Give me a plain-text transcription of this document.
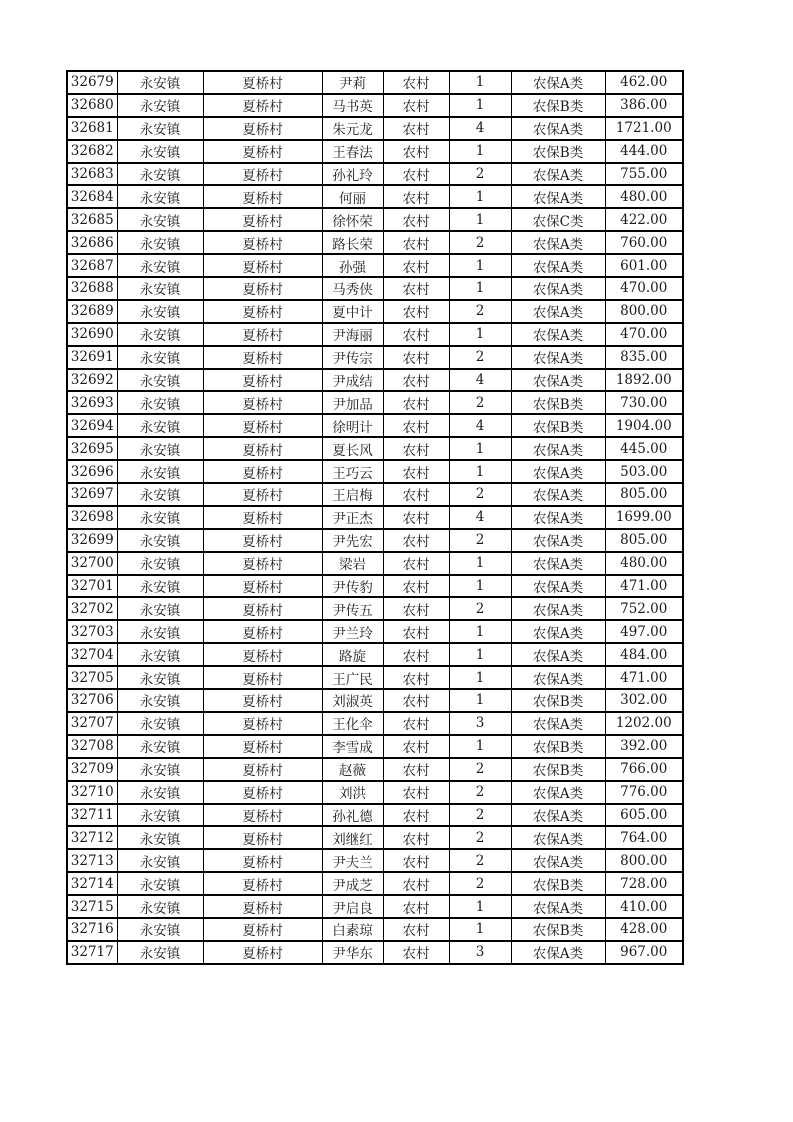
32679	永安镇	夏桥村	尹莉	农村	1	农保A类	462.00
32680	永安镇	夏桥村	马书英	农村	1	农保B类	386.00
32681	永安镇	夏桥村	朱元龙	农村	4	农保A类	1721.00
32682	永安镇	夏桥村	王春法	农村	1	农保B类	444.00
32683	永安镇	夏桥村	孙礼玲	农村	2	农保A类	755.00
32684	永安镇	夏桥村	何丽	农村	1	农保A类	480.00
32685	永安镇	夏桥村	徐怀荣	农村	1	农保C类	422.00
32686	永安镇	夏桥村	路长荣	农村	2	农保A类	760.00
32687	永安镇	夏桥村	孙强	农村	1	农保A类	601.00
32688	永安镇	夏桥村	马秀侠	农村	1	农保A类	470.00
32689	永安镇	夏桥村	夏中计	农村	2	农保A类	800.00
32690	永安镇	夏桥村	尹海丽	农村	1	农保A类	470.00
32691	永安镇	夏桥村	尹传宗	农村	2	农保A类	835.00
32692	永安镇	夏桥村	尹成结	农村	4	农保A类	1892.00
32693	永安镇	夏桥村	尹加品	农村	2	农保B类	730.00
32694	永安镇	夏桥村	徐明计	农村	4	农保B类	1904.00
32695	永安镇	夏桥村	夏长风	农村	1	农保A类	445.00
32696	永安镇	夏桥村	王巧云	农村	1	农保A类	503.00
32697	永安镇	夏桥村	王启梅	农村	2	农保A类	805.00
32698	永安镇	夏桥村	尹正杰	农村	4	农保A类	1699.00
32699	永安镇	夏桥村	尹先宏	农村	2	农保A类	805.00
32700	永安镇	夏桥村	梁岩	农村	1	农保A类	480.00
32701	永安镇	夏桥村	尹传豹	农村	1	农保A类	471.00
32702	永安镇	夏桥村	尹传五	农村	2	农保A类	752.00
32703	永安镇	夏桥村	尹兰玲	农村	1	农保A类	497.00
32704	永安镇	夏桥村	路旋	农村	1	农保A类	484.00
32705	永安镇	夏桥村	王广民	农村	1	农保A类	471.00
32706	永安镇	夏桥村	刘淑英	农村	1	农保B类	302.00
32707	永安镇	夏桥村	王化伞	农村	3	农保A类	1202.00
32708	永安镇	夏桥村	李雪成	农村	1	农保B类	392.00
32709	永安镇	夏桥村	赵薇	农村	2	农保B类	766.00
32710	永安镇	夏桥村	刘洪	农村	2	农保A类	776.00
32711	永安镇	夏桥村	孙礼德	农村	2	农保A类	605.00
32712	永安镇	夏桥村	刘继红	农村	2	农保A类	764.00
32713	永安镇	夏桥村	尹夫兰	农村	2	农保A类	800.00
32714	永安镇	夏桥村	尹成芝	农村	2	农保B类	728.00
32715	永安镇	夏桥村	尹启良	农村	1	农保A类	410.00
32716	永安镇	夏桥村	白素琼	农村	1	农保B类	428.00
32717	永安镇	夏桥村	尹华东	农村	3	农保A类	967.00
